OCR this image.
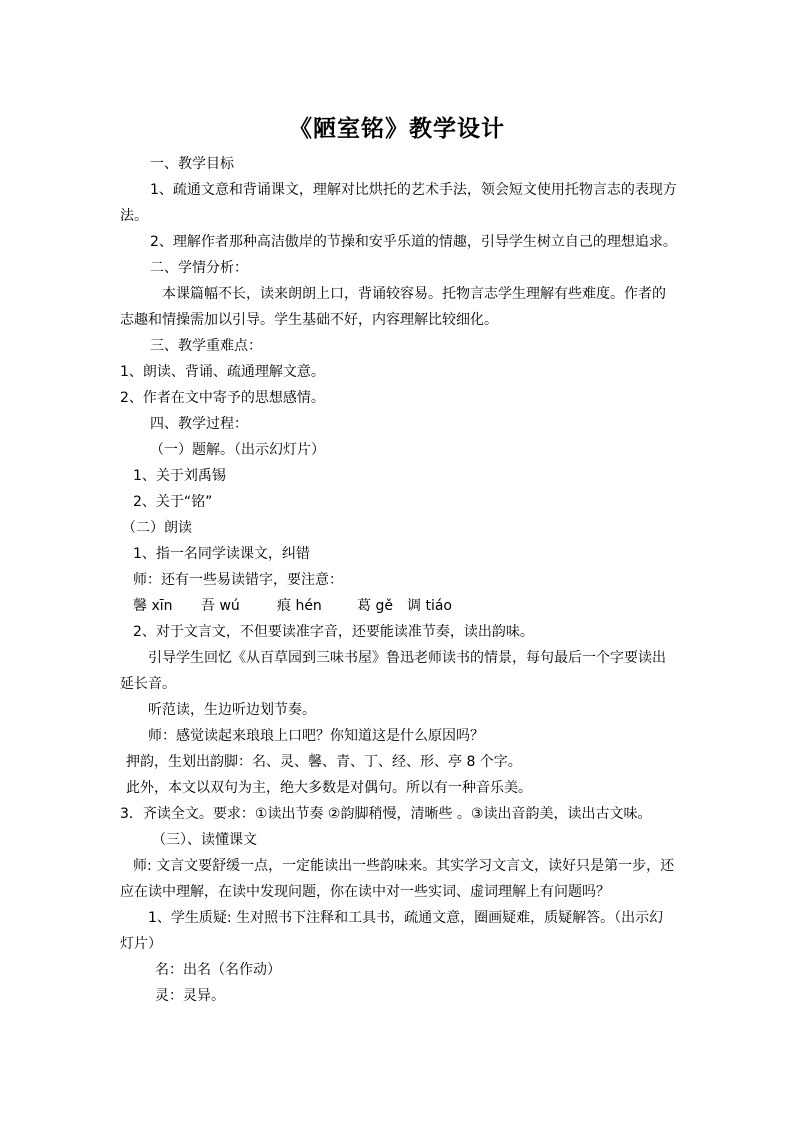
《陋室铭》教学设计
一、教学目标
1、疏通文意和背诵课文，理解对比烘托的艺术手法，领会短文使用托物言志的表现方
法。
2、理解作者那种高洁傲岸的节操和安乎乐道的情趣，引导学生树立自己的理想追求。
二、学情分析：
本课篇幅不长，读来朗朗上口，背诵较容易。托物言志学生理解有些难度。作者的
志趣和情操需加以引导。学生基础不好，内容理解比较细化。
三、教学重难点：
1、朗读、背诵、疏通理解文意。
2、作者在文中寄予的思想感情。
四、教学过程：
（一）题解。（出示幻灯片）
1、关于刘禹锡
2、关于“铭”
（二）朗读
1、指一名同学读课文，纠错
师：还有一些易读错字，要注意：
馨 xīn 吾 wú	痕 hén	葛 gě 调 tiáo
2、对于文言文，不但要读准字音，还要能读准节奏，读出韵味。
引导学生回忆《从百草园到三味书屋》鲁迅老师读书的情景，每句最后一个字要读出
延长音。
听范读，生边听边划节奏。
师：感觉读起来琅琅上口吧？你知道这是什么原因吗？
押韵，生划出韵脚：名、灵、馨、青、丁、经、形、亭 8 个字。
此外，本文以双句为主，绝大多数是对偶句。所以有一种音乐美。
3．齐读全文。要求：①读出节奏 ②韵脚稍慢，清晰些 。③读出音韵美，读出古文味。
（三）、读懂课文
师: 文言文要舒缓一点，一定能读出一些韵味来。其实学习文言文，读好只是第一步，还
应在读中理解，在读中发现问题，你在读中对一些实词、虚词理解上有问题吗？
1、学生质疑: 生对照书下注释和工具书，疏通文意，圈画疑难，质疑解答。（出示幻
灯片）
名：出名（名作动）
灵：灵异。
